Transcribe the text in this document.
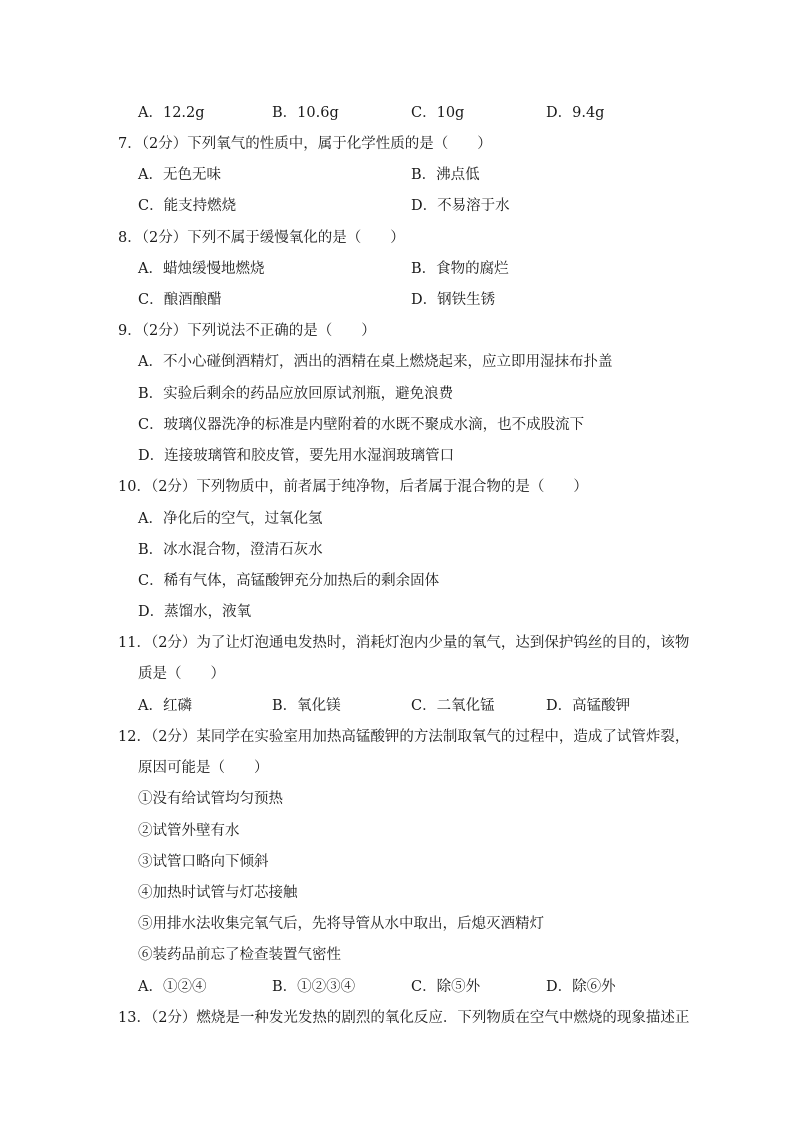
A．12.2g	B．10.6g	C．10g	D．9.4g
7．（2分）下列氧气的性质中，属于化学性质的是（　　）
A．无色无味	B．沸点低
C．能支持燃烧	D．不易溶于水
8．（2分）下列不属于缓慢氧化的是（　　）
A．蜡烛缓慢地燃烧	B．食物的腐烂
C．酿酒酿醋	D．钢铁生锈
9．（2分）下列说法不正确的是（　　）
A．不小心碰倒酒精灯，洒出的酒精在桌上燃烧起来，应立即用湿抹布扑盖
B．实验后剩余的药品应放回原试剂瓶，避免浪费
C．玻璃仪器洗净的标准是内壁附着的水既不聚成水滴，也不成股流下
D．连接玻璃管和胶皮管，要先用水湿润玻璃管口
10．（2分）下列物质中，前者属于纯净物，后者属于混合物的是（　　）
A．净化后的空气，过氧化氢
B．冰水混合物，澄清石灰水
C．稀有气体，高锰酸钾充分加热后的剩余固体
D．蒸馏水，液氧
11．（2分）为了让灯泡通电发热时，消耗灯泡内少量的氧气，达到保护钨丝的目的，该物
质是（　　）
A．红磷	B．氧化镁	C．二氧化锰	D．高锰酸钾
12．（2分）某同学在实验室用加热高锰酸钾的方法制取氧气的过程中，造成了试管炸裂，
原因可能是（　　）
①没有给试管均匀预热
②试管外壁有水
③试管口略向下倾斜
④加热时试管与灯芯接触
⑤用排水法收集完氧气后，先将导管从水中取出，后熄灭酒精灯
⑥装药品前忘了检查装置气密性
A．①②④	B．①②③④	C．除⑤外	D．除⑥外
13．（2分）燃烧是一种发光发热的剧烈的氧化反应．下列物质在空气中燃烧的现象描述正
